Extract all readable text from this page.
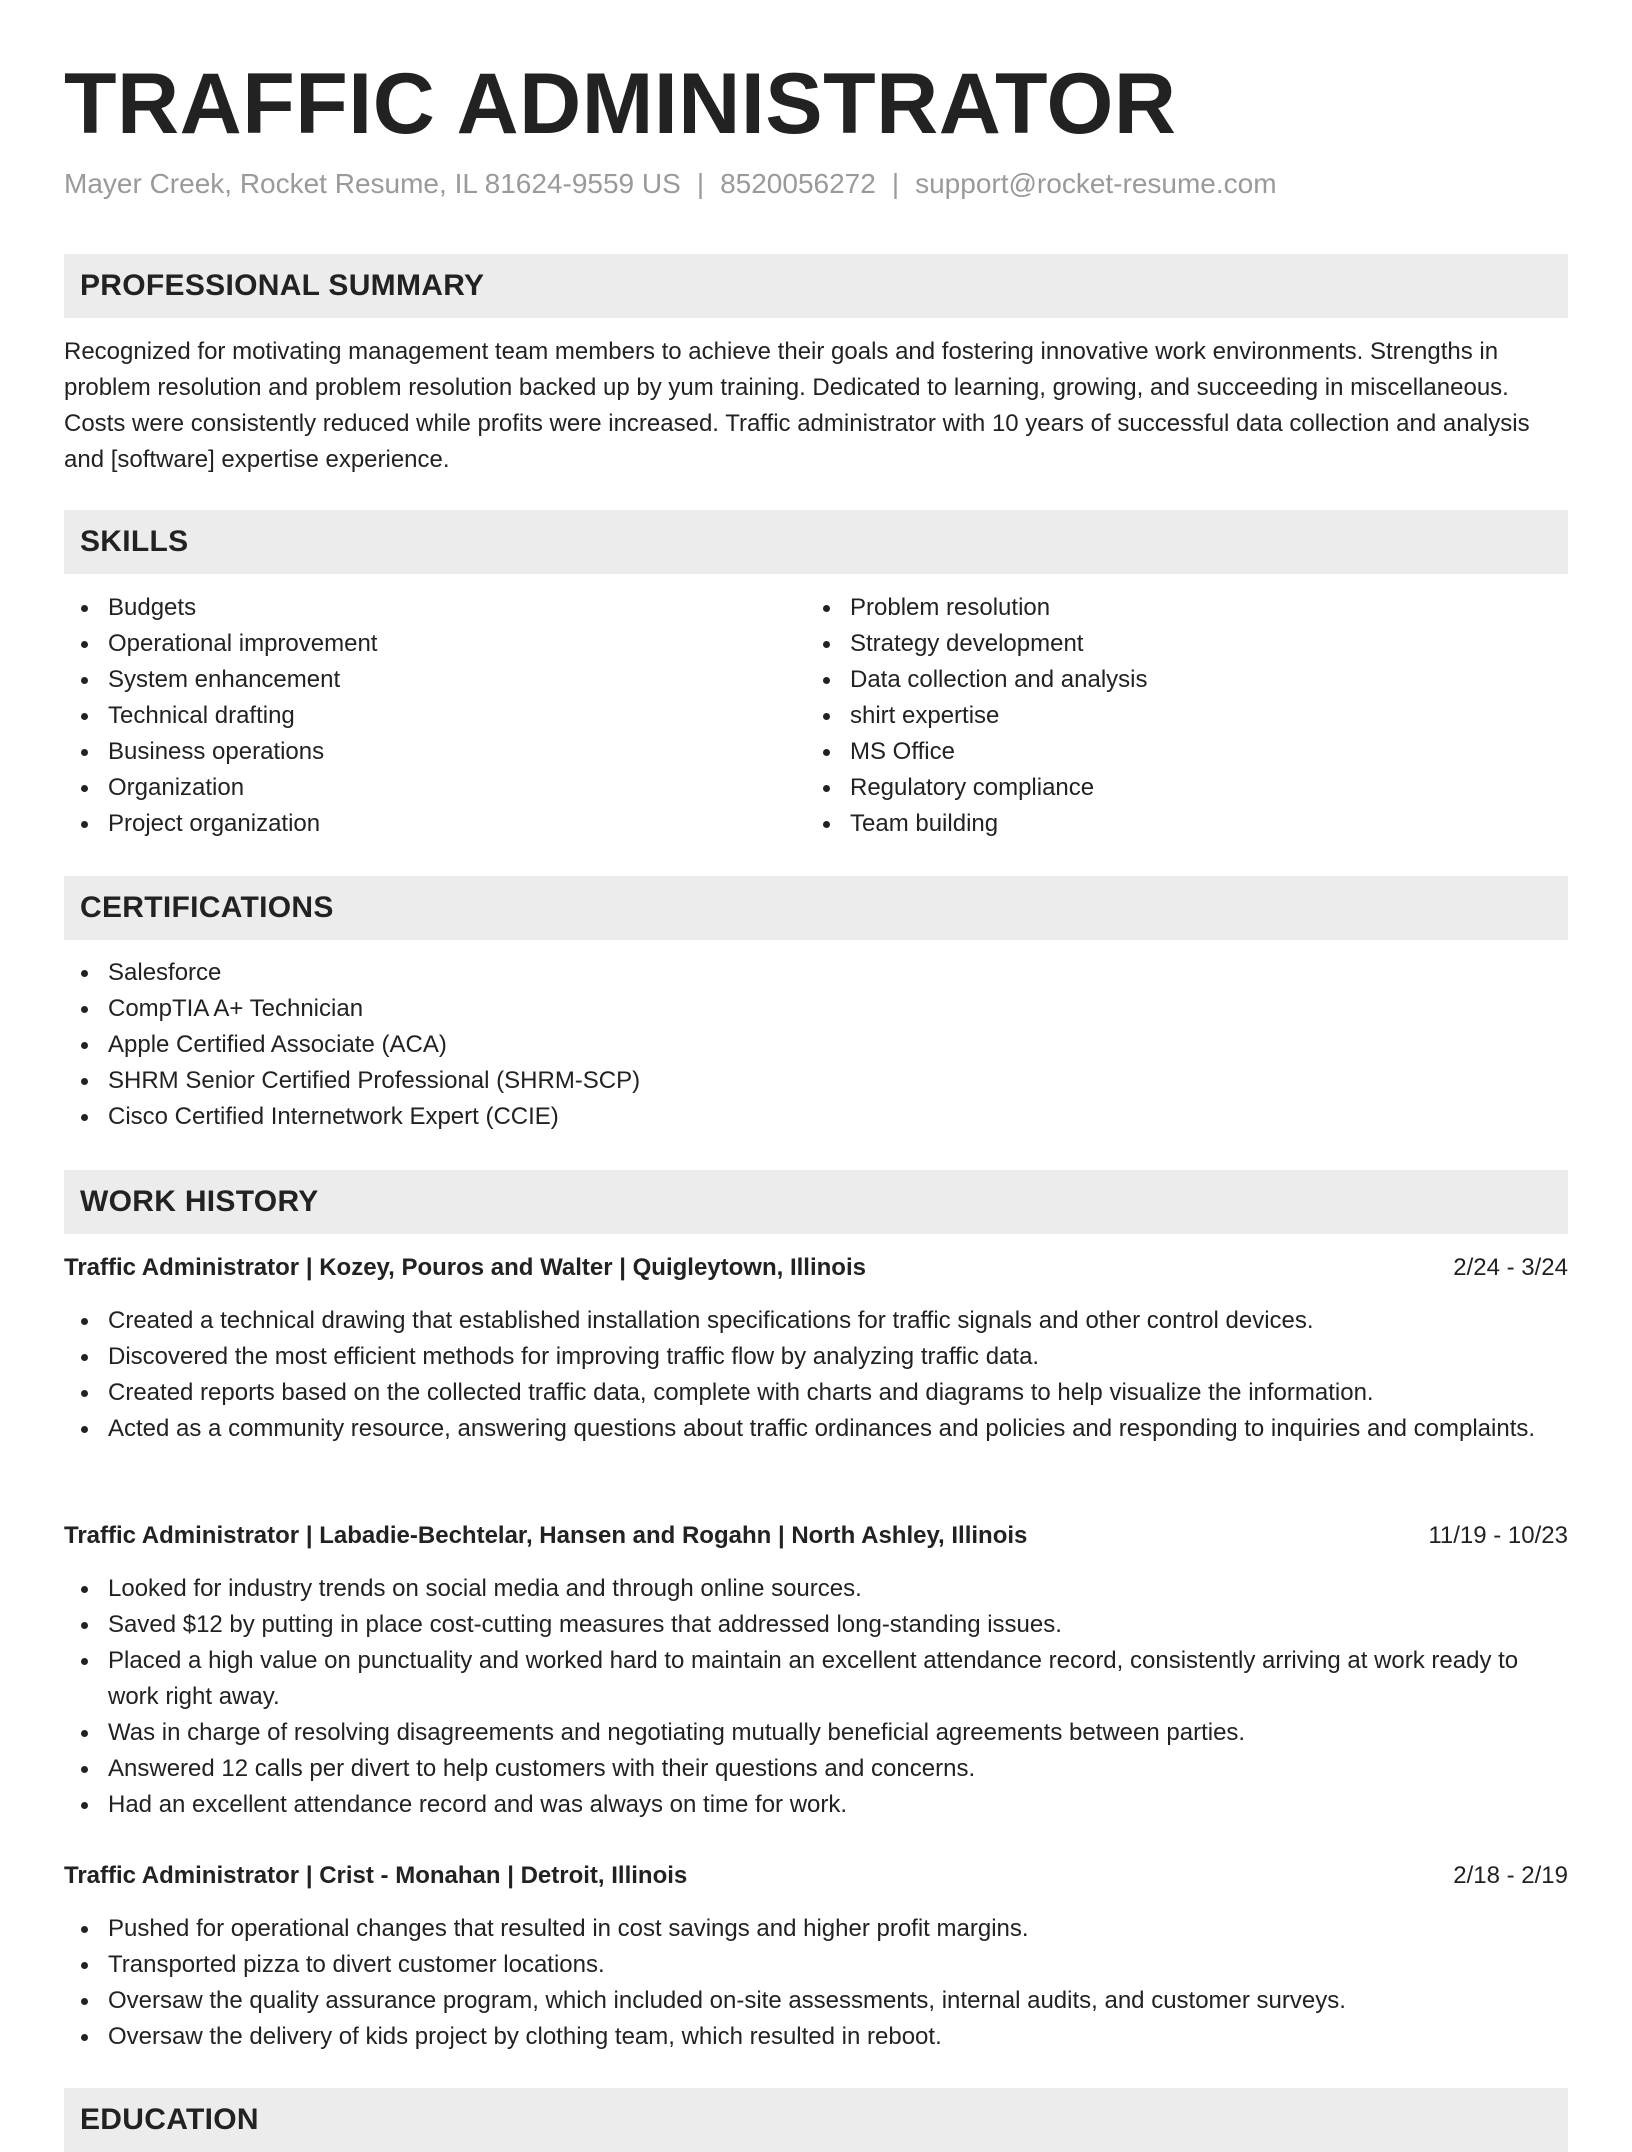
TRAFFIC ADMINISTRATOR
Mayer Creek, Rocket Resume, IL 81624-9559 US | 8520056272 | support@rocket-resume.com
PROFESSIONAL SUMMARY

Recognized for motivating management team members to achieve their goals and fostering innovative work environments. Strengths in problem resolution and problem resolution backed up by yum training. Dedicated to learning, growing, and succeeding in miscellaneous. Costs were consistently reduced while profits were increased. Traffic administrator with 10 years of successful data collection and analysis and [software] expertise experience.

SKILLS
Budgets
Operational improvement
System enhancement
Technical drafting
Business operations
Organization
Project organization
Problem resolution
Strategy development
Data collection and analysis
shirt expertise
MS Office
Regulatory compliance
Team building
CERTIFICATIONS
Salesforce
CompTIA A+ Technician
Apple Certified Associate (ACA)
SHRM Senior Certified Professional (SHRM-SCP)
Cisco Certified Internetwork Expert (CCIE)
WORK HISTORY
Traffic Administrator | Kozey, Pouros and Walter | Quigleytown, Illinois	2/24 - 3/24
Created a technical drawing that established installation specifications for traffic signals and other control devices.
Discovered the most efficient methods for improving traffic flow by analyzing traffic data.
Created reports based on the collected traffic data, complete with charts and diagrams to help visualize the information.
Acted as a community resource, answering questions about traffic ordinances and policies and responding to inquiries and complaints.
Traffic Administrator | Labadie-Bechtelar, Hansen and Rogahn | North Ashley, Illinois	11/19 - 10/23
Looked for industry trends on social media and through online sources.
Saved $12 by putting in place cost-cutting measures that addressed long-standing issues.
Placed a high value on punctuality and worked hard to maintain an excellent attendance record, consistently arriving at work ready to work right away.
Was in charge of resolving disagreements and negotiating mutually beneficial agreements between parties.
Answered 12 calls per divert to help customers with their questions and concerns.
Had an excellent attendance record and was always on time for work.
Traffic Administrator | Crist - Monahan | Detroit, Illinois	2/18 - 2/19
Pushed for operational changes that resulted in cost savings and higher profit margins.
Transported pizza to divert customer locations.
Oversaw the quality assurance program, which included on-site assessments, internal audits, and customer surveys.
Oversaw the delivery of kids project by clothing team, which resulted in reboot.
EDUCATION
